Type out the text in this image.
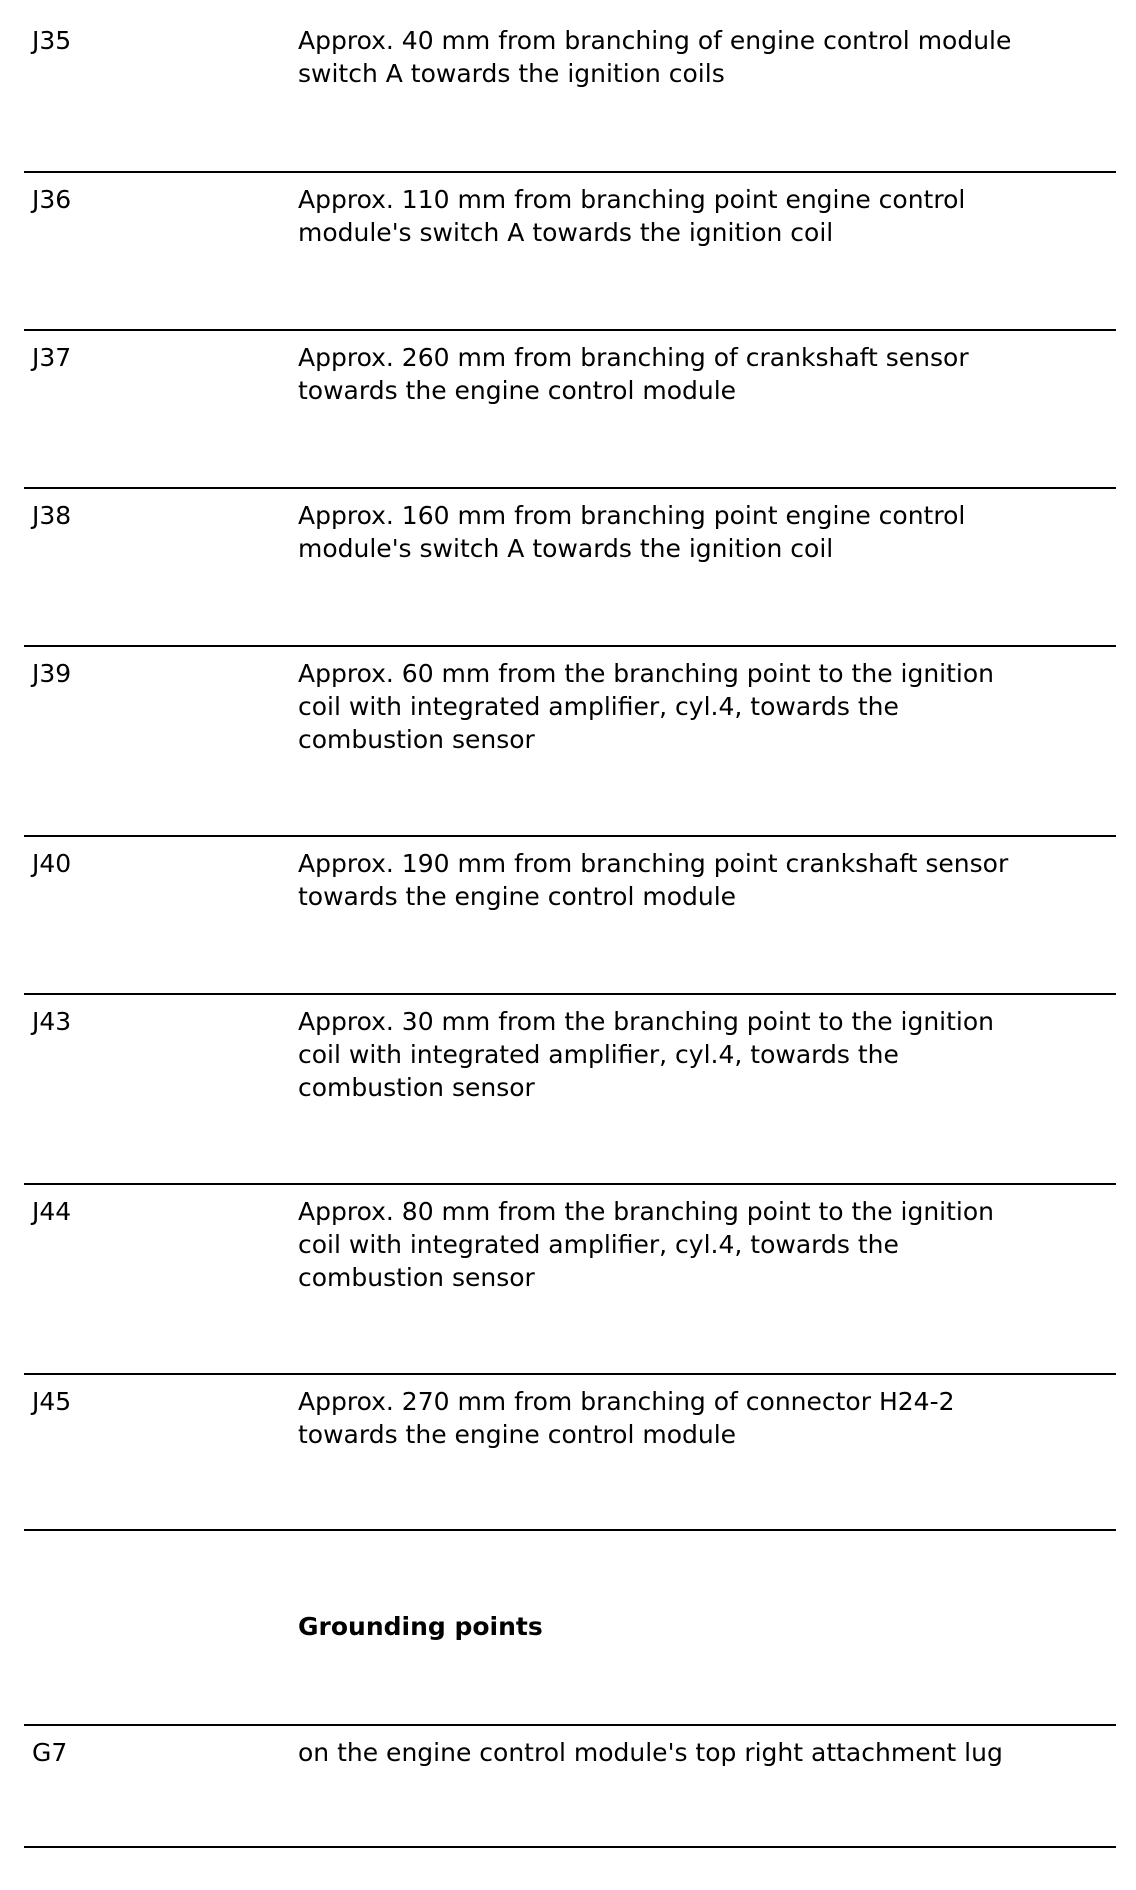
J35	Approx. 40 mm from branching of engine control module
switch A towards the ignition coils
J36	Approx. 110 mm from branching point engine control
module's switch A towards the ignition coil
J37	Approx. 260 mm from branching of crankshaft sensor
towards the engine control module
J38	Approx. 160 mm from branching point engine control
module's switch A towards the ignition coil
J39	Approx. 60 mm from the branching point to the ignition
coil with integrated amplifier, cyl.4, towards the
combustion sensor
J40	Approx. 190 mm from branching point crankshaft sensor
towards the engine control module
J43	Approx. 30 mm from the branching point to the ignition
coil with integrated amplifier, cyl.4, towards the
combustion sensor
J44	Approx. 80 mm from the branching point to the ignition
coil with integrated amplifier, cyl.4, towards the
combustion sensor
J45	Approx. 270 mm from branching of connector H24-2
towards the engine control module
Grounding points
G7	on the engine control module's top right attachment lug
